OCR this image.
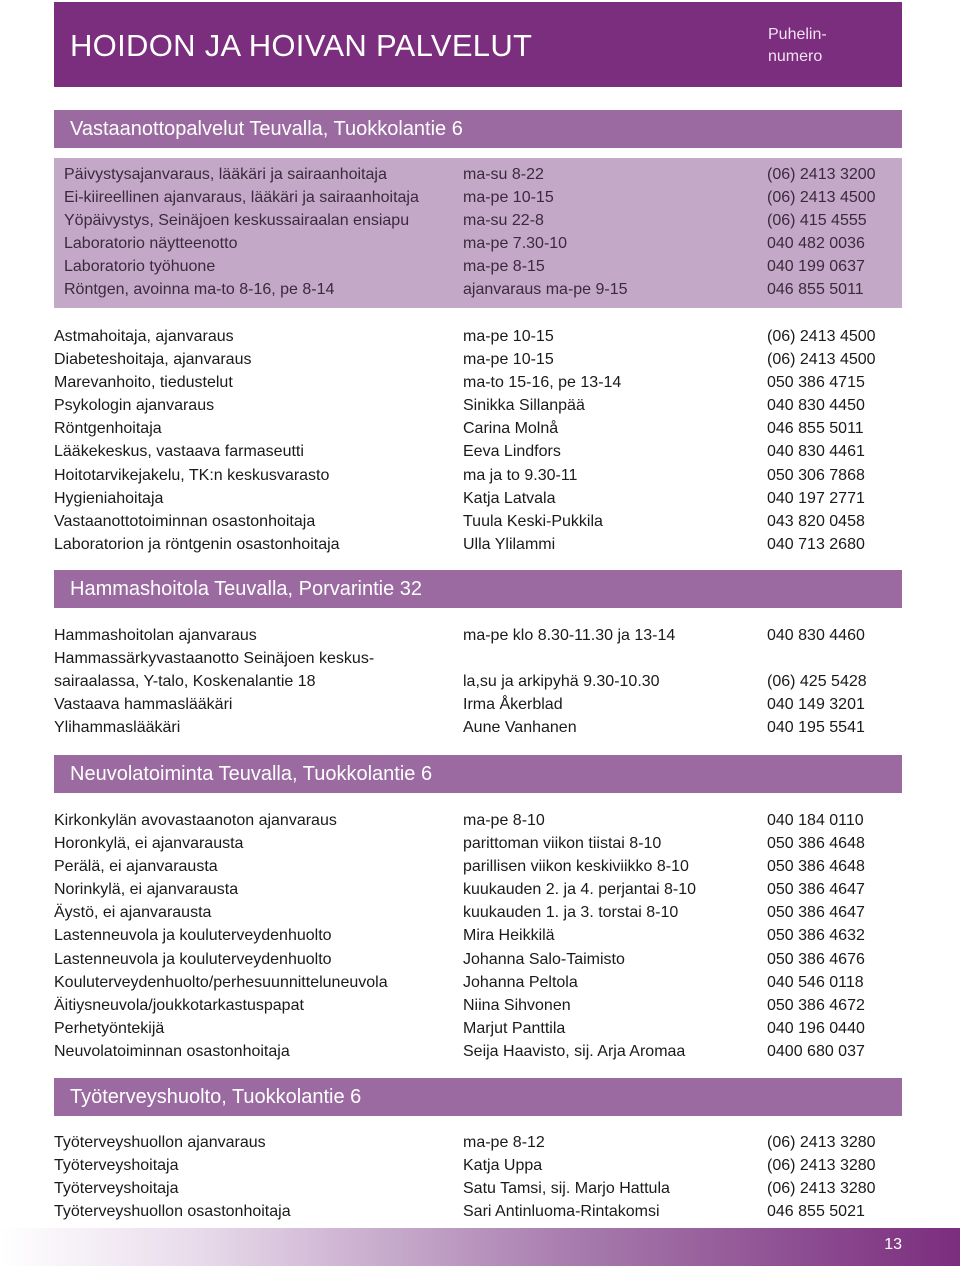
HOIDON JA HOIVAN PALVELUT	Puhelin-
numero
Vastaanottopalvelut Teuvalla, Tuokkolantie 6
Päivystysajanvaraus, lääkäri ja sairaanhoitaja	ma-su 8-22	(06) 2413 3200
Ei-kiireellinen ajanvaraus, lääkäri ja sairaanhoitaja	ma-pe 10-15	(06) 2413 4500
Yöpäivystys, Seinäjoen keskussairaalan ensiapu	ma-su 22-8	(06) 415 4555
Laboratorio näytteenotto	ma-pe 7.30-10	040 482 0036
Laboratorio työhuone	ma-pe 8-15	040 199 0637
Röntgen, avoinna ma-to 8-16, pe 8-14	ajanvaraus ma-pe 9-15	046 855 5011
Astmahoitaja, ajanvaraus	ma-pe 10-15	(06) 2413 4500
Diabeteshoitaja, ajanvaraus	ma-pe 10-15	(06) 2413 4500
Marevanhoito, tiedustelut	ma-to 15-16, pe 13-14	050 386 4715
Psykologin ajanvaraus	Sinikka Sillanpää	040 830 4450
Röntgenhoitaja	Carina Molnå	046 855 5011
Lääkekeskus, vastaava farmaseutti	Eeva Lindfors	040 830 4461
Hoitotarvikejakelu, TK:n keskusvarasto	ma ja to 9.30-11	050 306 7868
Hygieniahoitaja	Katja Latvala	040 197 2771
Vastaanottotoiminnan osastonhoitaja	Tuula Keski-Pukkila	043 820 0458
Laboratorion ja röntgenin osastonhoitaja	Ulla Ylilammi	040 713 2680
Hammashoitola Teuvalla, Porvarintie 32
Hammashoitolan ajanvaraus	ma-pe klo 8.30-11.30 ja 13-14	040 830 4460
Hammassärkyvastaanotto Seinäjoen keskus-
sairaalassa, Y-talo, Koskenalantie 18	la,su ja arkipyhä 9.30-10.30	(06) 425 5428
Vastaava hammaslääkäri	Irma Åkerblad	040 149 3201
Ylihammaslääkäri	Aune Vanhanen	040 195 5541
Neuvolatoiminta Teuvalla, Tuokkolantie 6
Kirkonkylän avovastaanoton ajanvaraus	ma-pe 8-10	040 184 0110
Horonkylä, ei ajanvarausta	parittoman viikon tiistai 8-10	050 386 4648
Perälä, ei ajanvarausta	parillisen viikon keskiviikko 8-10	050 386 4648
Norinkylä, ei ajanvarausta	kuukauden 2. ja 4. perjantai 8-10	050 386 4647
Äystö, ei ajanvarausta	kuukauden 1. ja 3. torstai 8-10	050 386 4647
Lastenneuvola ja kouluterveydenhuolto	Mira Heikkilä	050 386 4632
Lastenneuvola ja kouluterveydenhuolto	Johanna Salo-Taimisto	050 386 4676
Kouluterveydenhuolto/perhesuunnitteluneuvola	Johanna Peltola	040 546 0118
Äitiysneuvola/joukkotarkastuspapat	Niina Sihvonen	050 386 4672
Perhetyöntekijä	Marjut Panttila	040 196 0440
Neuvolatoiminnan osastonhoitaja	Seija Haavisto, sij. Arja Aromaa	0400 680 037
Työterveyshuolto, Tuokkolantie 6
Työterveyshuollon ajanvaraus	ma-pe 8-12	(06) 2413 3280
Työterveyshoitaja	Katja Uppa	(06) 2413 3280
Työterveyshoitaja	Satu Tamsi, sij. Marjo Hattula	(06) 2413 3280
Työterveyshuollon osastonhoitaja	Sari Antinluoma-Rintakomsi	046 855 5021
13
